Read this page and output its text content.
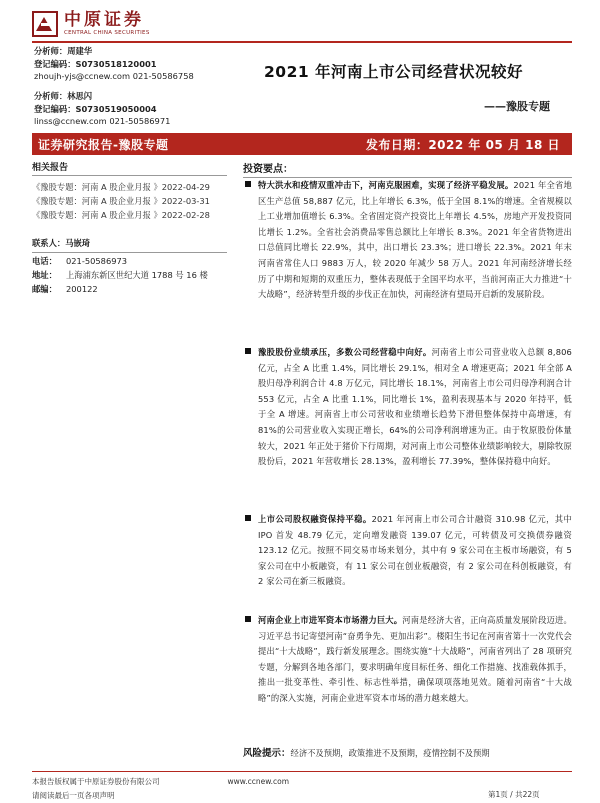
中原证券
CENTRAL CHINA SECURITIES
分析师：周建华
登记编码：S0730518120001
zhoujh-yjs@ccnew.com 021-50586758
分析师：林思闪
登记编码：S0730519050004
linss@ccnew.com 021-50586971
2021 年河南上市公司经营状况较好
——豫股专题
证券研究报告-豫股专题	发布日期：2022 年 05 月 18 日
相关报告
《豫股专题：河南 A 股企业月报 》2022-04-29
《豫股专题：河南 A 股企业月报 》2022-03-31
《豫股专题：河南 A 股企业月报 》2022-02-28
联系人：马嵌琦
电话： 021-50586973
地址： 上海浦东新区世纪大道 1788 号 16 楼
邮编： 200122
投资要点：
特大洪水和疫情双重冲击下，河南克服困难，实现了经济平稳发展。2021 年全省地区生产总值 58,887 亿元，比上年增长 6.3%，低于全国 8.1%的增速。全省规模以上工业增加值增长 6.3%。全省固定资产投资比上年增长 4.5%，房地产开发投资同比增长 1.2%。全省社会消费品零售总额比上年增长 8.3%。2021 年全省货物进出口总值同比增长 22.9%，其中，出口增长 23.3%；进口增长 22.3%。2021 年末河南省常住人口 9883 万人，较 2020 年减少 58 万人。2021 年河南经济增长经历了中期和短期的双重压力，整体表现低于全国平均水平，当前河南正大力推进“十大战略”，经济转型升级的步伐正在加快，河南经济有望局开启新的发展阶段。
豫股股份业绩承压，多数公司经营稳中向好。河南省上市公司营业收入总额 8,806 亿元，占全 A 比重 1.4%，同比增长 29.1%，相对全 A 增速更高；2021 年全部 A 股归母净利润合计 4.8 万亿元，同比增长 18.1%，河南省上市公司归母净利润合计 553 亿元，占全 A 比重 1.1%，同比增长 1%，盈利表现基本与 2020 年持平，低于全 A 增速。河南省上市公司营收和业绩增长趋势下滑但整体保持中高增速，有 81%的公司营业收入实现正增长，64%的公司净利润增速为正。由于牧原股份体量较大，2021 年正处于猪价下行周期，对河南上市公司整体业绩影响较大，剔除牧原股份后，2021 年营收增长 28.13%，盈利增长 77.39%，整体保持稳中向好。
上市公司股权融资保持平稳。2021 年河南上市公司合计融资 310.98 亿元，其中 IPO 首发 48.79 亿元，定向增发融资 139.07 亿元，可转债及可交换债券融资 123.12 亿元。按照不同交易市场来划分，其中有 9 家公司在主板市场融资，有 5 家公司在中小板融资，有 11 家公司在创业板融资，有 2 家公司在科创板融资，有 2 家公司在新三板融资。
河南企业上市进军资本市场潜力巨大。河南是经济大省，正向高质量发展阶段迈进。习近平总书记寄望河南“奋勇争先、更加出彩”。楼阳生书记在河南省第十一次党代会提出“十大战略”，践行新发展理念。围绕实施“十大战略”，河南省列出了 28 项研究专题，分解到各地各部门，要求明确年度目标任务、细化工作措施、找准载体抓手，推出一批变革性、牵引性、标志性举措，确保项项落地见效。随着河南省“十大战略”的深入实施，河南企业进军资本市场的潜力越来越大。
风险提示：经济不及预期，政策推进不及预期，疫情控制不及预期
本报告版权属于中原证券股份有限公司	www.ccnew.com
请阅读最后一页各项声明	第1页 / 共22页
